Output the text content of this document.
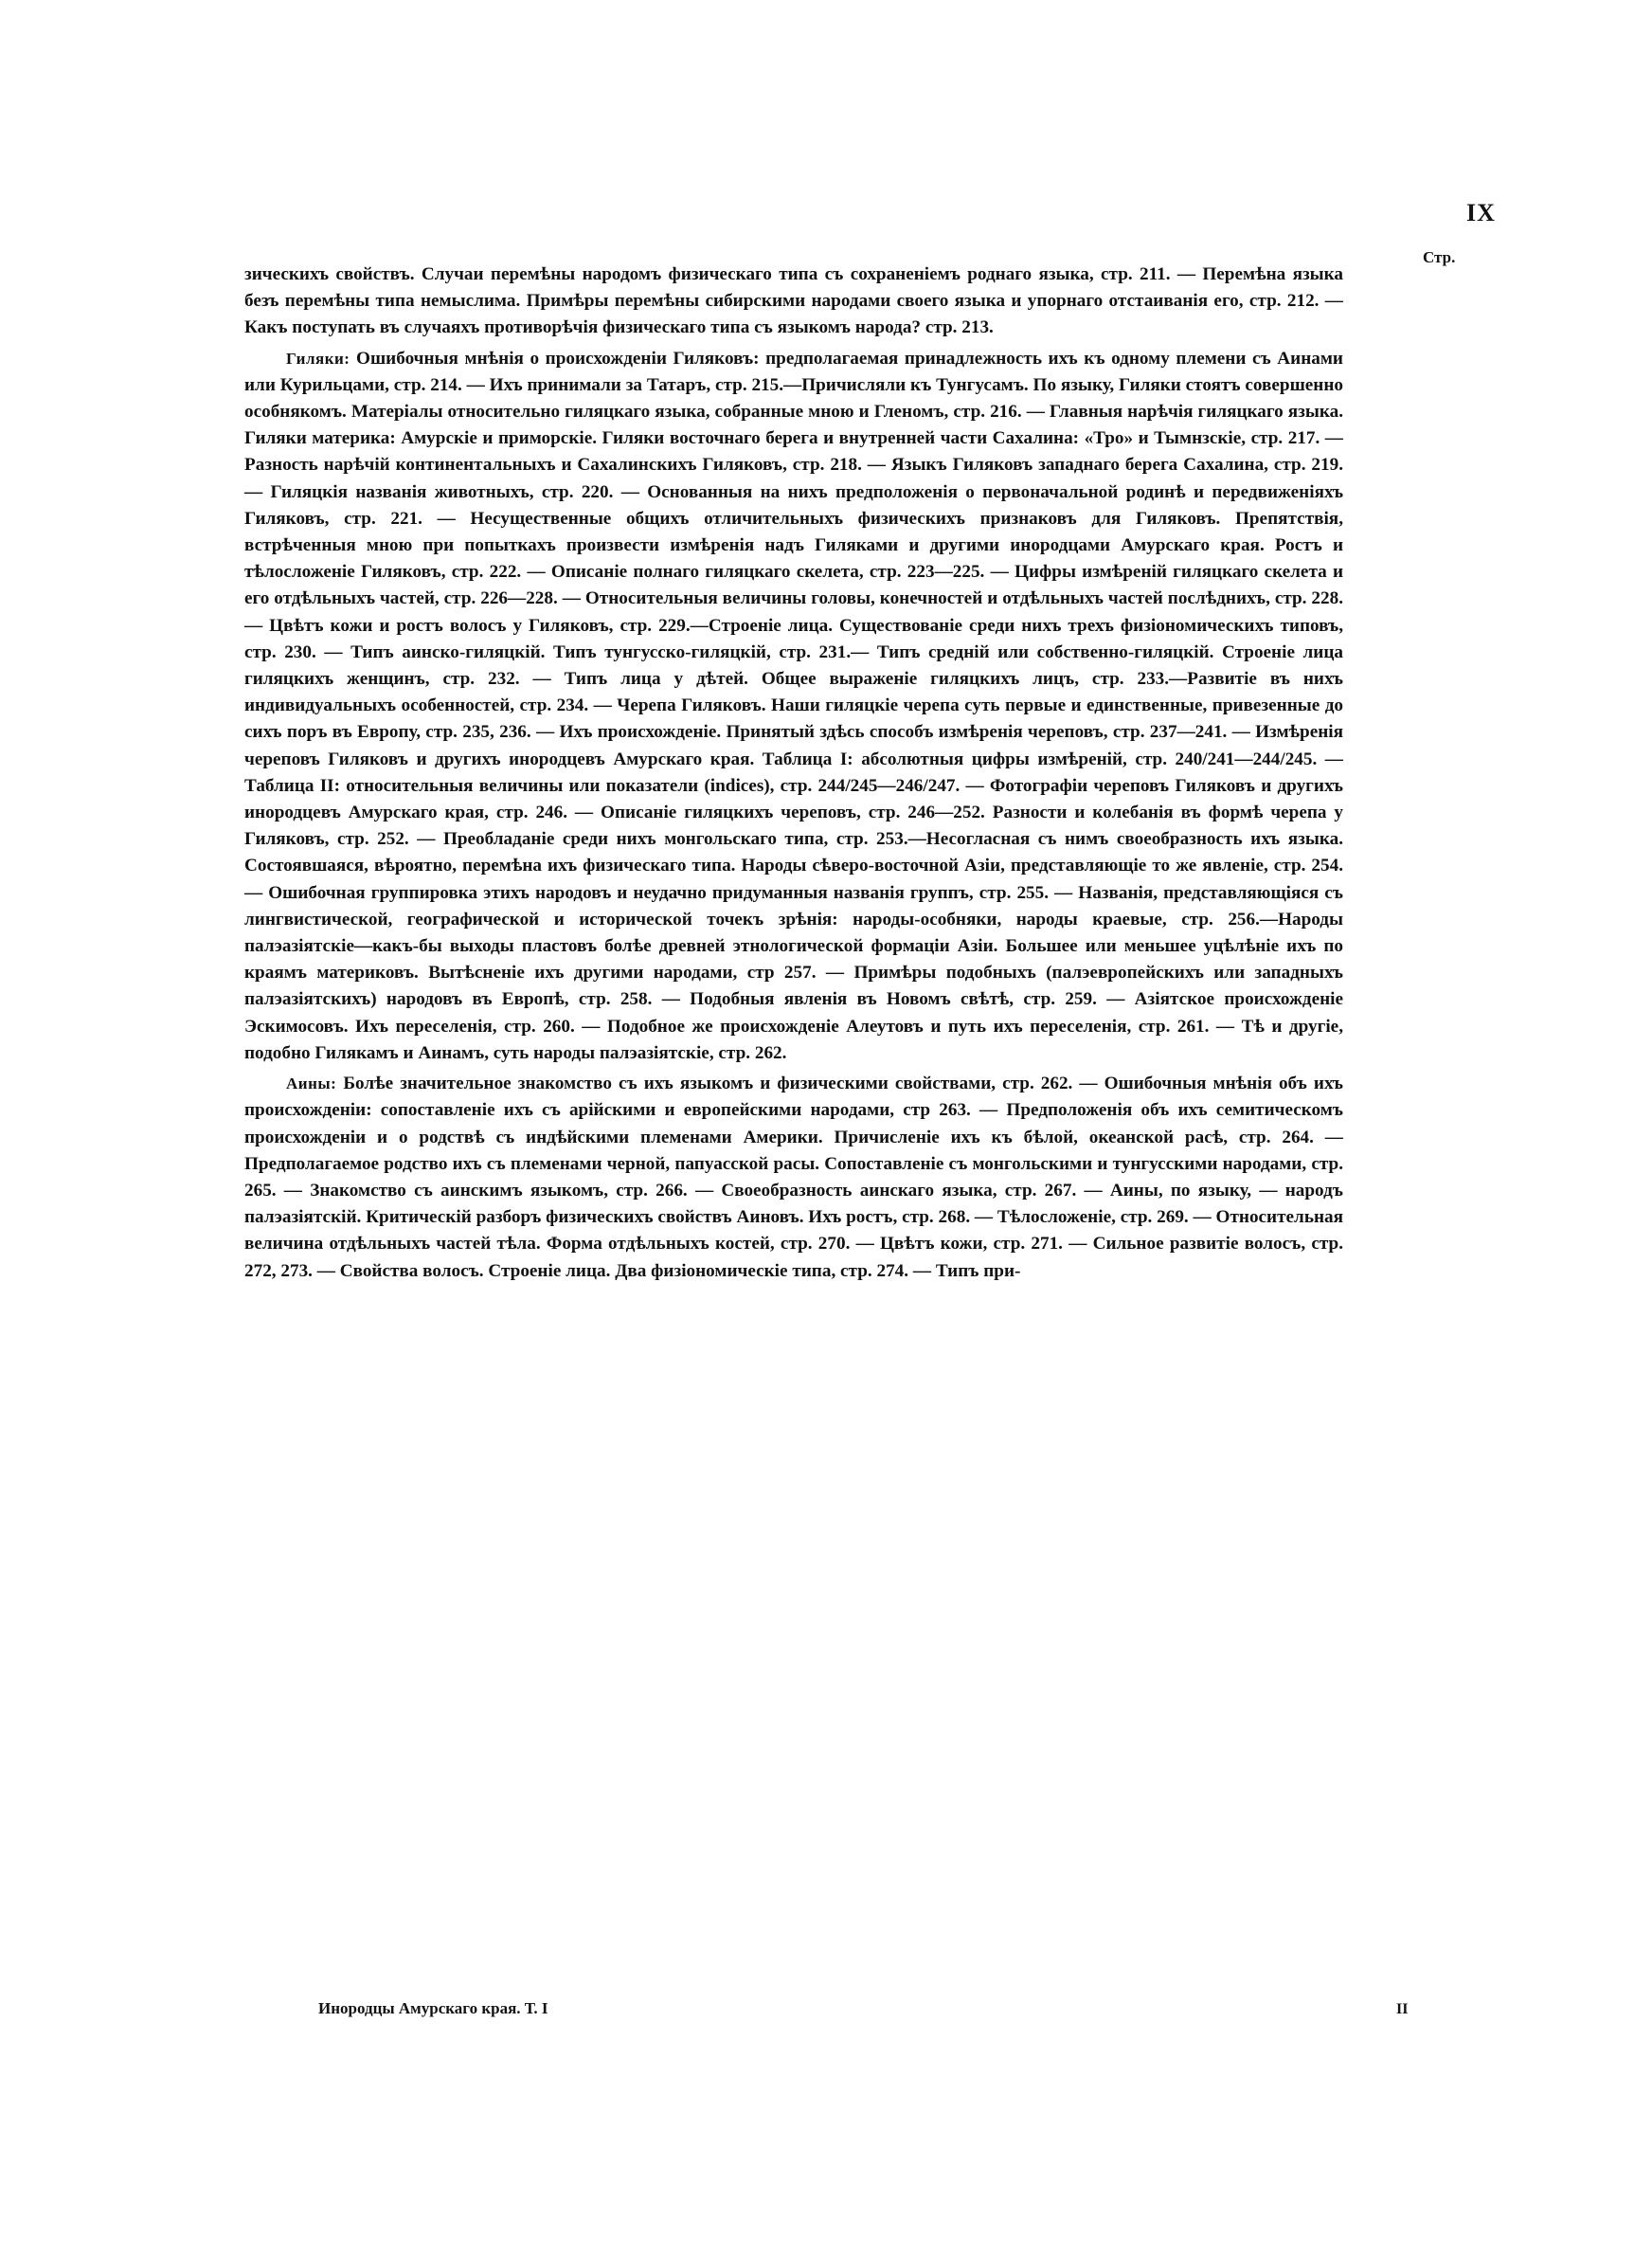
IX
Стр.

зическихъ свойствъ. Случаи перемѣны народомъ физическаго типа съ сохраненіемъ роднаго языка, стр. 211. — Перемѣна языка безъ перемѣны типа немыслима. Примѣры перемѣны сибирскими народами своего языка и упорнаго отстаиванія его, стр. 212. — Какъ поступать въ случаяхъ противорѣчія физическаго типа съ языкомъ народа? стр. 213.

Гиляки: Ошибочныя мнѣнія о происхожденіи Гиляковъ: предполагаемая принадлежность ихъ къ одному племени съ Аинами или Курильцами, стр. 214. — Ихъ принимали за Татаръ, стр. 215.—Причисляли къ Тунгусамъ. По языку, Гиляки стоятъ совершенно особнякомъ. Матеріалы относительно гиляцкаго языка, собранные мною и Гленомъ, стр. 216. — Главныя нарѣчія гиляцкаго языка. Гиляки материка: Амурскіе и приморскіе. Гиляки восточнаго берега и внутренней части Сахалина: «Тро» и Тымнзскіе, стр. 217. — Разность нарѣчій континентальныхъ и Сахалинскихъ Гиляковъ, стр. 218. — Языкъ Гиляковъ западнаго берега Сахалина, стр. 219. — Гиляцкія названія животныхъ, стр. 220. — Основанныя на нихъ предположенія о первоначальной родинѣ и передвиженіяхъ Гиляковъ, стр. 221. — Несущественные общихъ отличительныхъ физическихъ признаковъ для Гиляковъ. Препятствія, встрѣченныя мною при попыткахъ произвести измѣренія надъ Гиляками и другими инородцами Амурскаго края. Ростъ и тѣлосложеніе Гиляковъ, стр. 222. — Описаніе полнаго гиляцкаго скелета, стр. 223—225. — Цифры измѣреній гиляцкаго скелета и его отдѣльныхъ частей, стр. 226—228. — Относительныя величины головы, конечностей и отдѣльныхъ частей послѣднихъ, стр. 228. — Цвѣтъ кожи и ростъ волосъ у Гиляковъ, стр. 229.—Строеніе лица. Существованіе среди нихъ трехъ физіономическихъ типовъ, стр. 230. — Типъ аинско-гиляцкій. Типъ тунгусско-гиляцкій, стр. 231.— Типъ средній или собственно-гиляцкій. Строеніе лица гиляцкихъ женщинъ, стр. 232. — Типъ лица у дѣтей. Общее выраженіе гиляцкихъ лицъ, стр. 233.—Развитіе въ нихъ индивидуальныхъ особенностей, стр. 234. — Черепа Гиляковъ. Наши гиляцкіе черепа суть первые и единственные, привезенные до сихъ поръ въ Европу, стр. 235, 236. — Ихъ происхожденіе. Принятый здѣсь способъ измѣренія череповъ, стр. 237—241. — Измѣренія череповъ Гиляковъ и другихъ инородцевъ Амурскаго края. Таблица I: абсолютныя цифры измѣреній, стр. 240/241—244/245. — Таблица II: относительныя величины или показатели (indices), стр. 244/245—246/247. — Фотографіи череповъ Гиляковъ и другихъ инородцевъ Амурскаго края, стр. 246. — Описаніе гиляцкихъ череповъ, стр. 246—252. Разности и колебанія въ формѣ черепа у Гиляковъ, стр. 252. — Преобладаніе среди нихъ монгольскаго типа, стр. 253.—Несогласная съ нимъ своеобразность ихъ языка. Состоявшаяся, вѣроятно, перемѣна ихъ физическаго типа. Народы сѣверо-восточной Азіи, представляющіе то же явленіе, стр. 254. — Ошибочная группировка этихъ народовъ и неудачно придуманныя названія группъ, стр. 255. — Названія, представляющіяся съ лингвистической, географической и исторической точекъ зрѣнія: народы-особняки, народы краевые, стр. 256.—Народы палэазіятскіе—какъ-бы выходы пластовъ болѣе древней этнологической формаціи Азіи. Большее или меньшее уцѣлѣніе ихъ по краямъ материковъ. Вытѣсненіе ихъ другими народами, стр 257. — Примѣры подобныхъ (палэевропейскихъ или западныхъ палэазіятскихъ) народовъ въ Европѣ, стр. 258. — Подобныя явленія въ Новомъ свѣтѣ, стр. 259. — Азіятское происхожденіе Эскимосовъ. Ихъ переселенія, стр. 260. — Подобное же происхожденіе Алеутовъ и путь ихъ переселенія, стр. 261. — Тѣ и другіе, подобно Гилякамъ и Аинамъ, суть народы палэазіятскіе, стр. 262.

Аины: Болѣе значительное знакомство съ ихъ языкомъ и физическими свойствами, стр. 262. — Ошибочныя мнѣнія объ ихъ происхожденіи: сопоставленіе ихъ съ арійскими и европейскими народами, стр 263. — Предположенія объ ихъ семитическомъ происхожденіи и о родствѣ съ индѣйскими племенами Америки. Причисленіе ихъ къ бѣлой, океанской расѣ, стр. 264. — Предполагаемое родство ихъ съ племенами черной, папуасской расы. Сопоставленіе съ монгольскими и тунгусскими народами, стр. 265. — Знакомство съ аинскимъ языкомъ, стр. 266. — Своеобразность аинскаго языка, стр. 267. — Аины, по языку, — народъ палэазіятскій. Критическій разборъ физическихъ свойствъ Аиновъ. Ихъ ростъ, стр. 268. — Тѣлосложеніе, стр. 269. — Относительная величина отдѣльныхъ частей тѣла. Форма отдѣльныхъ костей, стр. 270. — Цвѣтъ кожи, стр. 271. — Сильное развитіе волосъ, стр. 272, 273. — Свойства волосъ. Строеніе лица. Два физіономическіе типа, стр. 274. — Типъ при-

Инородцы Амурскаго края. Т. I	II
